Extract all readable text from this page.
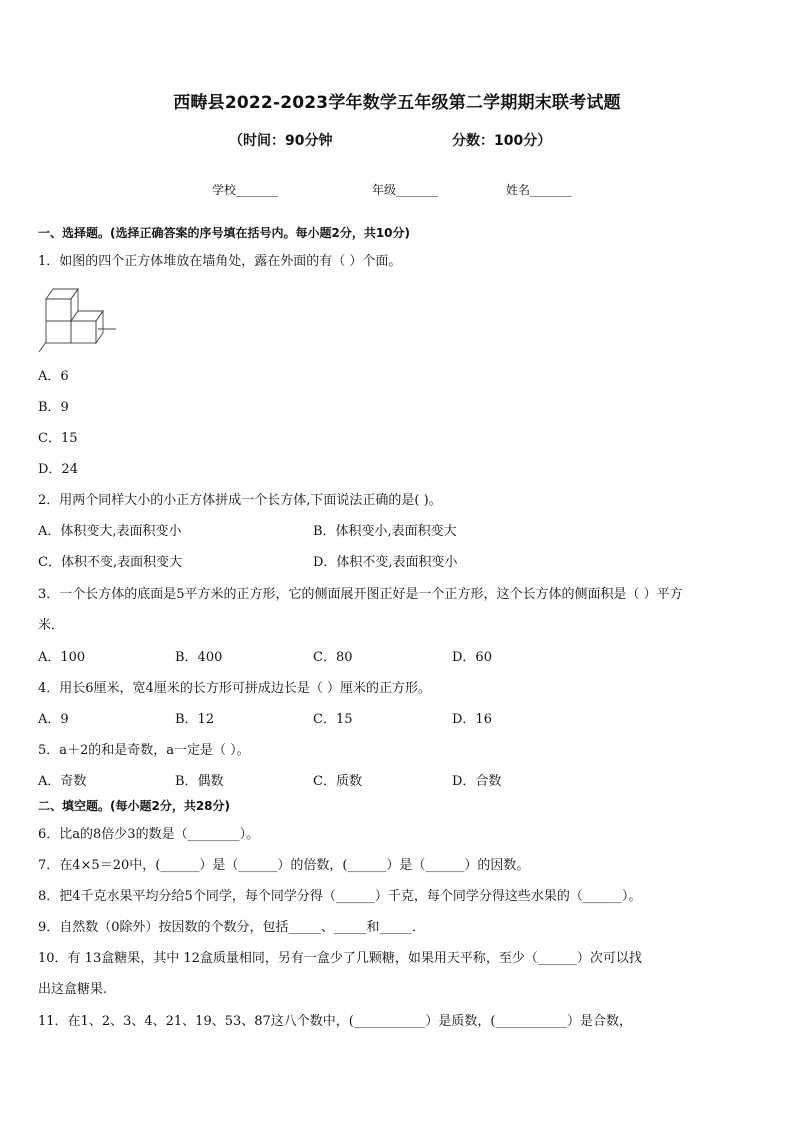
西畴县2022-2023学年数学五年级第二学期期末联考试题
（时间：90分钟	分数：100分）
学校_______	年级_______	姓名_______
一、选择题。(选择正确答案的序号填在括号内。每小题2分，共10分)
1．如图的四个正方体堆放在墙角处，露在外面的有（ ）个面。
A．6
B．9
C．15
D．24
2．用两个同样大小的小正方体拼成一个长方体,下面说法正确的是( )。
A．体积变大,表面积变小	B．体积变小,表面积变大
C．体积不变,表面积变大	D．体积不变,表面积变小
3．一个长方体的底面是5平方米的正方形，它的侧面展开图正好是一个正方形，这个长方体的侧面积是（ ）平方
米．
A．100	B．400	C．80	D．60
4．用长6厘米，宽4厘米的长方形可拼成边长是（ ）厘米的正方形。
A．9	B．12	C．15	D．16
5．a＋2的和是奇数，a一定是（ ）。
A．奇数	B．偶数	C．质数	D．合数
二、填空题。(每小题2分，共28分)
6．比a的8倍少3的数是（________）。
7．在4×5＝20中，(______）是（______）的倍数，(______）是（______）的因数。
8．把4千克水果平均分给5个同学，每个同学分得（______）千克，每个同学分得这些水果的（______）。
9．自然数（0除外）按因数的个数分，包括_____、_____和_____．
10．有 13盒糖果，其中 12盒质量相同，另有一盒少了几颗糖，如果用天平称，至少（______）次可以找
出这盒糖果.
11．在1、2、3、4、21、19、53、87这八个数中，(___________）是质数，(___________）是合数，
